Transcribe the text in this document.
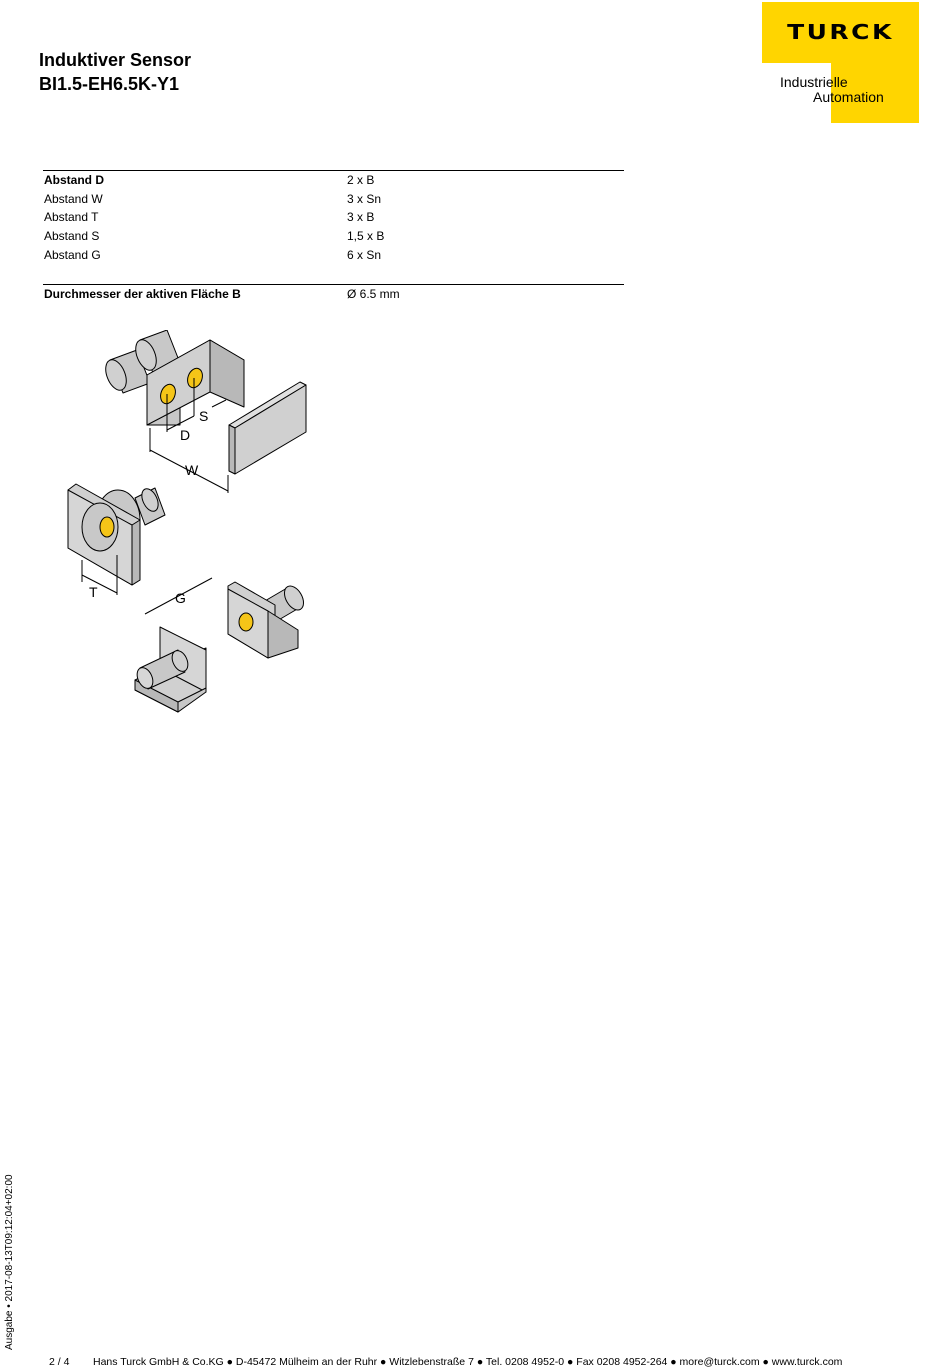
Induktiver Sensor
BI1.5-EH6.5K-Y1
TURCK
Industrielle
Automation
Abstand D	2 x B
Abstand W	3 x Sn
Abstand T	3 x B
Abstand S	1,5 x B
Abstand G	6 x Sn
Durchmesser der aktiven Fläche B	Ø 6.5 mm
S
D
W
T	G
Ausgabe • 2017-08-13T09:12:04+02:00
2 / 4 Hans Turck GmbH & Co.KG ● D-45472 Mülheim an der Ruhr ● Witzlebenstraße 7 ● Tel. 0208 4952-0 ● Fax 0208 4952-264 ● more@turck.com ● www.turck.com
